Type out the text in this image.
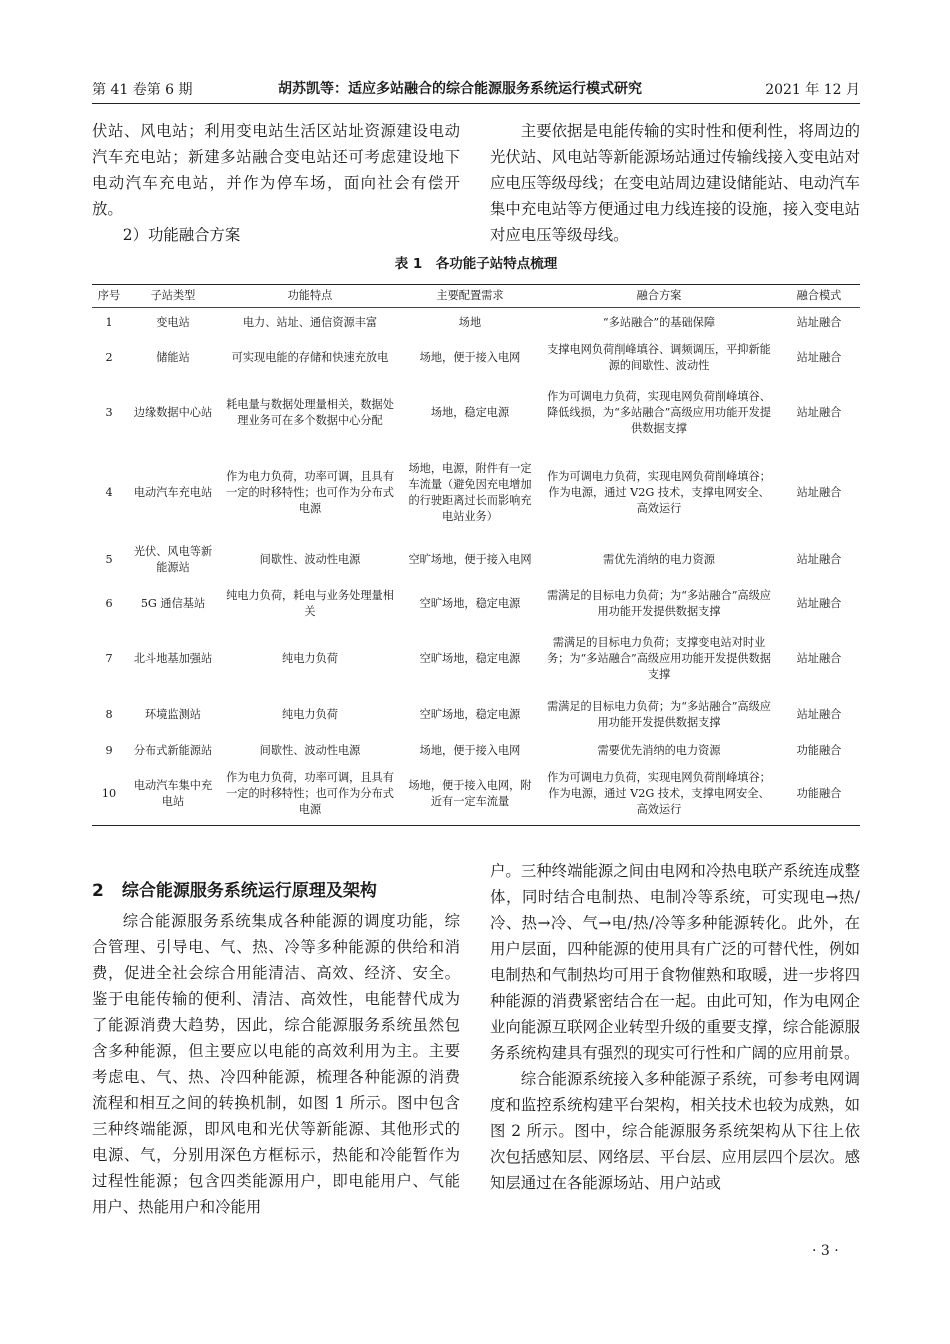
第 41 卷第 6 期	胡苏凯等：适应多站融合的综合能源服务系统运行模式研究	2021 年 12 月

伏站、风电站；利用变电站生活区站址资源建设电动汽车充电站；新建多站融合变电站还可考虑建设地下电动汽车充电站，并作为停车场，面向社会有偿开放。

2）功能融合方案

主要依据是电能传输的实时性和便利性，将周边的光伏站、风电站等新能源场站通过传输线接入变电站对应电压等级母线；在变电站周边建设储能站、电动汽车集中充电站等方便通过电力线连接的设施，接入变电站对应电压等级母线。

表 1　各功能子站特点梳理
序号	子站类型	功能特点	主要配置需求	融合方案	融合模式
1	变电站	电力、站址、通信资源丰富	场地	“多站融合”的基础保障	站址融合
2	储能站	可实现电能的存储和快速充放电	场地，便于接入电网	支撑电网负荷削峰填谷、调频调压，平抑新能源的间歇性、波动性	站址融合
3	边缘数据中心站	耗电量与数据处理量相关，数据处理业务可在多个数据中心分配	场地，稳定电源	作为可调电力负荷，实现电网负荷削峰填谷、降低线损，为“多站融合”高级应用功能开发提供数据支撑	站址融合
4	电动汽车充电站	作为电力负荷，功率可调，且具有一定的时移特性；也可作为分布式电源	场地，电源，附件有一定车流量（避免因充电增加的行驶距离过长而影响充电站业务）	作为可调电力负荷，实现电网负荷削峰填谷；作为电源，通过 V2G 技术，支撑电网安全、高效运行	站址融合
5	光伏、风电等新能源站	间歇性、波动性电源	空旷场地，便于接入电网	需优先消纳的电力资源	站址融合
6	5G 通信基站	纯电力负荷，耗电与业务处理量相关	空旷场地，稳定电源	需满足的目标电力负荷；为“多站融合”高级应用功能开发提供数据支撑	站址融合
7	北斗地基加强站	纯电力负荷	空旷场地，稳定电源	需满足的目标电力负荷；支撑变电站对时业务；为“多站融合”高级应用功能开发提供数据支撑	站址融合
8	环境监测站	纯电力负荷	空旷场地，稳定电源	需满足的目标电力负荷；为“多站融合”高级应用功能开发提供数据支撑	站址融合
9	分布式新能源站	间歇性、波动性电源	场地，便于接入电网	需要优先消纳的电力资源	功能融合
10	电动汽车集中充电站	作为电力负荷，功率可调，且具有一定的时移特性；也可作为分布式电源	场地，便于接入电网，附近有一定车流量	作为可调电力负荷，实现电网负荷削峰填谷；作为电源，通过 V2G 技术，支撑电网安全、高效运行	功能融合
2 综合能源服务系统运行原理及架构

综合能源服务系统集成各种能源的调度功能，综合管理、引导电、气、热、冷等多种能源的供给和消费，促进全社会综合用能清洁、高效、经济、安全。鉴于电能传输的便利、清洁、高效性，电能替代成为了能源消费大趋势，因此，综合能源服务系统虽然包含多种能源，但主要应以电能的高效利用为主。主要考虑电、气、热、冷四种能源，梳理各种能源的消费流程和相互之间的转换机制，如图 1 所示。图中包含三种终端能源，即风电和光伏等新能源、其他形式的电源、气，分别用深色方框标示，热能和冷能暂作为过程性能源；包含四类能源用户，即电能用户、气能用户、热能用户和冷能用

户。三种终端能源之间由电网和冷热电联产系统连成整体，同时结合电制热、电制冷等系统，可实现电→热/冷、热→冷、气→电/热/冷等多种能源转化。此外，在用户层面，四种能源的使用具有广泛的可替代性，例如电制热和气制热均可用于食物催熟和取暖，进一步将四种能源的消费紧密结合在一起。由此可知，作为电网企业向能源互联网企业转型升级的重要支撑，综合能源服务系统构建具有强烈的现实可行性和广阔的应用前景。

综合能源系统接入多种能源子系统，可参考电网调度和监控系统构建平台架构，相关技术也较为成熟，如图 2 所示。图中，综合能源服务系统架构从下往上依次包括感知层、网络层、平台层、应用层四个层次。感知层通过在各能源场站、用户站或

· 3 ·
